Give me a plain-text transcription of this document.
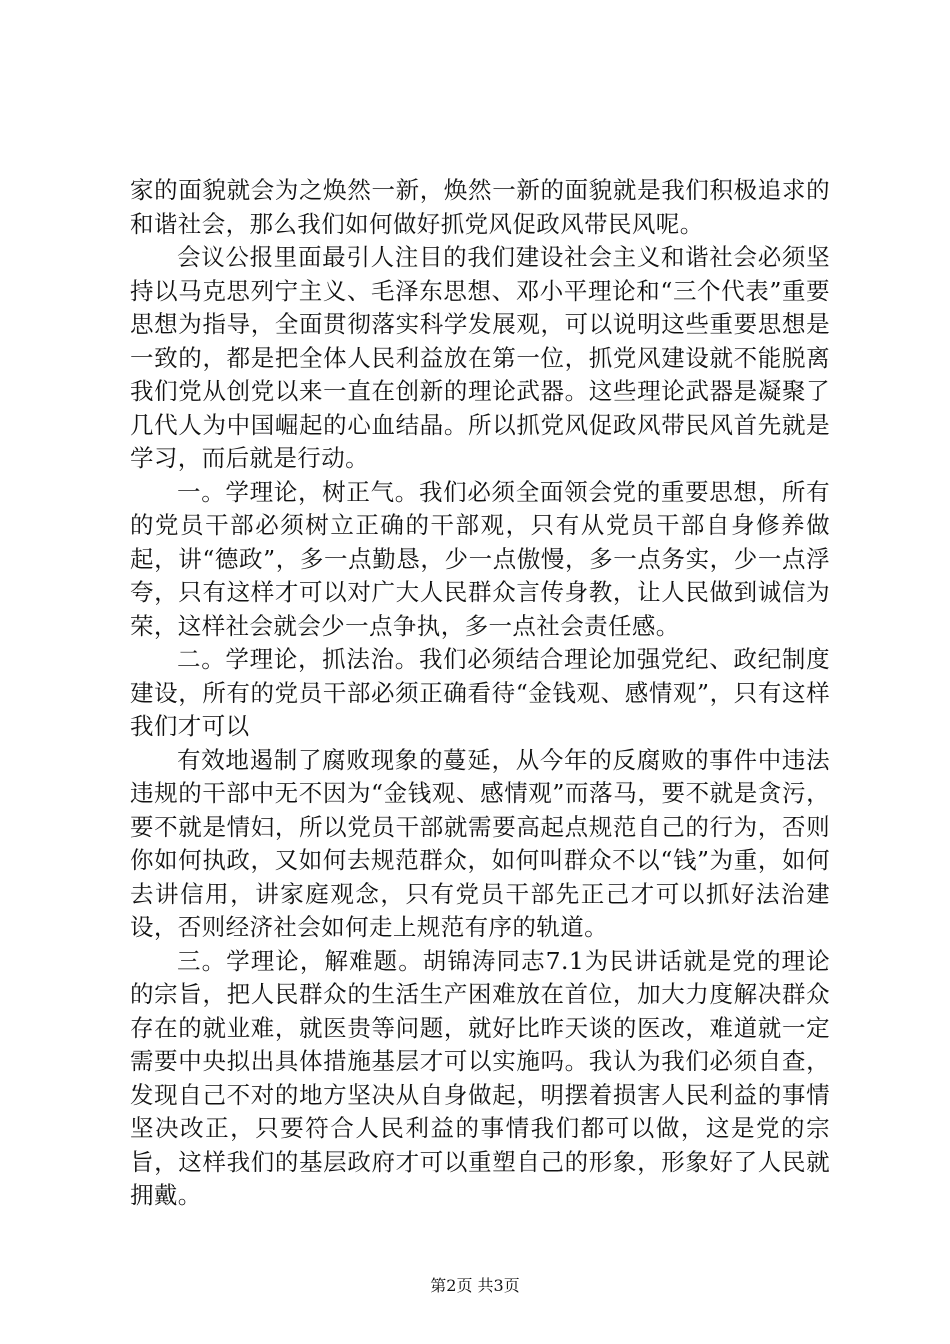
家的面貌就会为之焕然一新，焕然一新的面貌就是我们积极追求的和谐社会，那么我们如何做好抓党风促政风带民风呢。

会议公报里面最引人注目的我们建设社会主义和谐社会必须坚持以马克思列宁主义、毛泽东思想、邓小平理论和“三个代表”重要思想为指导，全面贯彻落实科学发展观，可以说明这些重要思想是一致的，都是把全体人民利益放在第一位，抓党风建设就不能脱离我们党从创党以来一直在创新的理论武器。这些理论武器是凝聚了几代人为中国崛起的心血结晶。所以抓党风促政风带民风首先就是学习，而后就是行动。

一。学理论，树正气。我们必须全面领会党的重要思想，所有的党员干部必须树立正确的干部观，只有从党员干部自身修养做起，讲“德政”，多一点勤恳，少一点傲慢，多一点务实，少一点浮夸，只有这样才可以对广大人民群众言传身教，让人民做到诚信为荣，这样社会就会少一点争执，多一点社会责任感。

二。学理论，抓法治。我们必须结合理论加强党纪、政纪制度建设，所有的党员干部必须正确看待“金钱观、感情观”，只有这样我们才可以

有效地遏制了腐败现象的蔓延，从今年的反腐败的事件中违法违规的干部中无不因为“金钱观、感情观”而落马，要不就是贪污，要不就是情妇，所以党员干部就需要高起点规范自己的行为，否则你如何执政，又如何去规范群众，如何叫群众不以“钱”为重，如何去讲信用，讲家庭观念，只有党员干部先正己才可以抓好法治建设，否则经济社会如何走上规范有序的轨道。

三。学理论，解难题。胡锦涛同志7.1为民讲话就是党的理论的宗旨，把人民群众的生活生产困难放在首位，加大力度解决群众存在的就业难，就医贵等问题，就好比昨天谈的医改，难道就一定需要中央拟出具体措施基层才可以实施吗。我认为我们必须自查，发现自己不对的地方坚决从自身做起，明摆着损害人民利益的事情坚决改正，只要符合人民利益的事情我们都可以做，这是党的宗旨，这样我们的基层政府才可以重塑自己的形象，形象好了人民就拥戴。

第2页 共3页
